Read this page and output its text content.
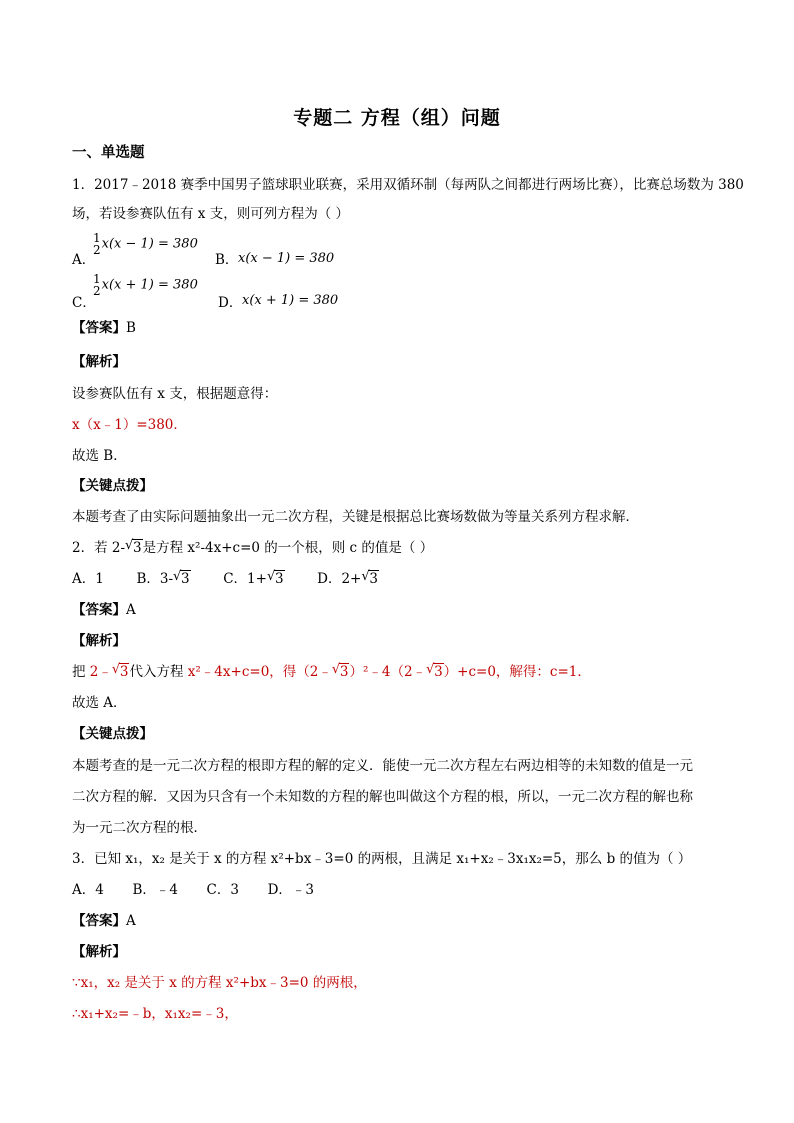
专题二 方程（组）问题
一、单选题
1．2017﹣2018 赛季中国男子篮球职业联赛，采用双循环制（每两队之间都进行两场比赛），比赛总场数为 380
场，若设参赛队伍有 x 支，则可列方程为（ ）
A．
1
2 x(x − 1) = 380
B． x(x − 1) = 380
C．
1
2 x(x + 1) = 380
D． x(x + 1) = 380
【答案】B
【解析】
设参赛队伍有 x 支，根据题意得：
x（x﹣1）=380．
故选 B．
【关键点拨】
本题考查了由实际问题抽象出一元二次方程，关键是根据总比赛场数做为等量关系列方程求解．
2．若 2- √ 3是方程 x²-4x+c=0 的一个根，则 c 的值是（ ）
A．1 B．3- √ 3 C．1+ √ 3 D．2+ √ 3
【答案】A
【解析】
把 2﹣ √ 3代入方程 x²﹣4x+c=0，得（2﹣ √ 3）²﹣4（2﹣ √ 3）+c=0，解得：c=1．
故选 A．
【关键点拨】
本题考查的是一元二次方程的根即方程的解的定义．能使一元二次方程左右两边相等的未知数的值是一元
二次方程的解．又因为只含有一个未知数的方程的解也叫做这个方程的根，所以，一元二次方程的解也称
为一元二次方程的根．
3．已知 x₁，x₂ 是关于 x 的方程 x²+bx﹣3=0 的两根，且满足 x₁+x₂﹣3x₁x₂=5，那么 b 的值为（ ）
A．4 B．﹣4 C．3 D．﹣3
【答案】A
【解析】
∵x₁，x₂ 是关于 x 的方程 x²+bx﹣3=0 的两根，
∴x₁+x₂=﹣b，x₁x₂=﹣3，
